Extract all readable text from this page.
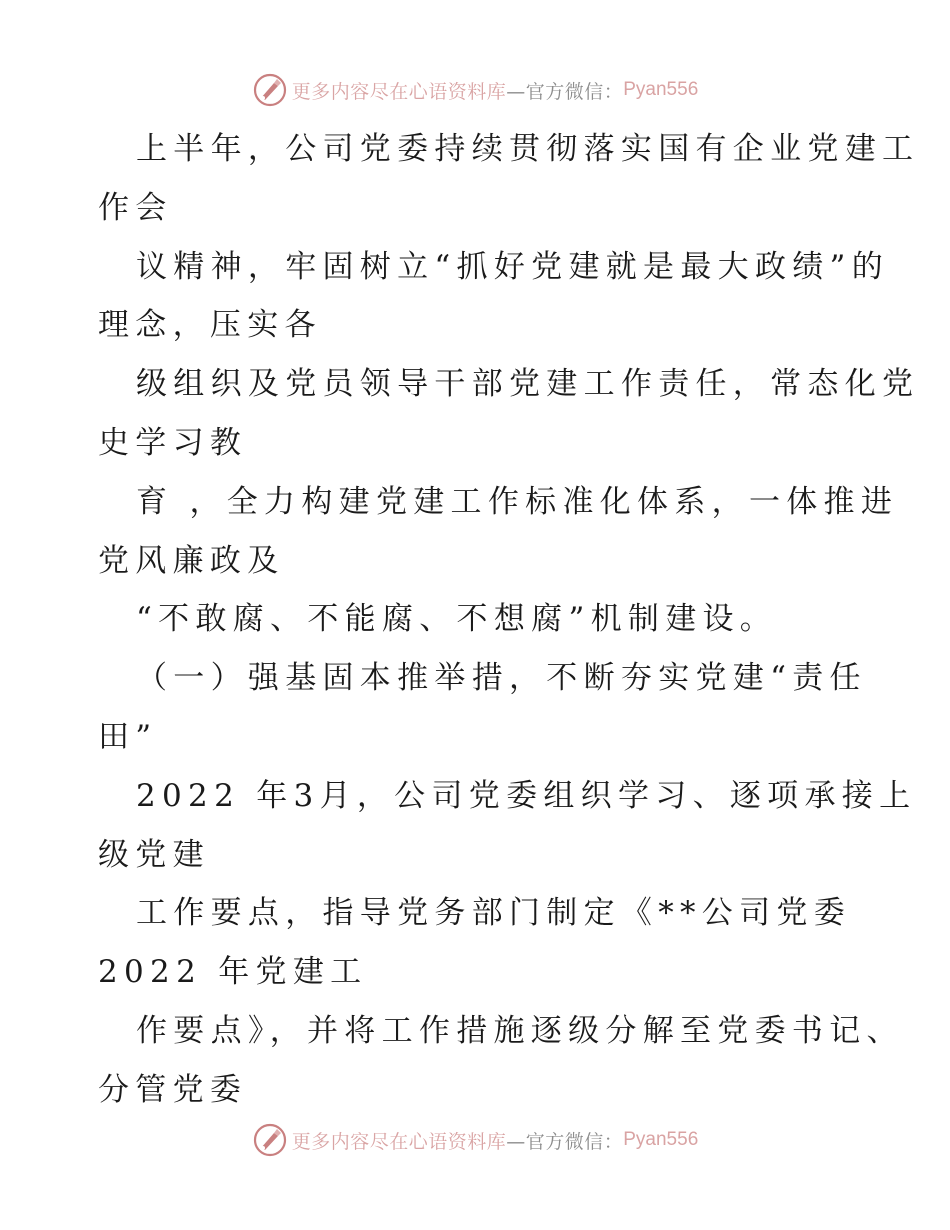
更多内容尽在心语资料库 —官方微信： Pyan556
上半年，公司党委持续贯彻落实国有企业党建工
作会
议精神，牢固树立“抓好党建就是最大政绩”的
理念，压实各
级组织及党员领导干部党建工作责任，常态化党
史学习教
育 ，全力构建党建工作标准化体系，一体推进
党风廉政及
“不敢腐、不能腐、不想腐”机制建设。
（一）强基固本推举措，不断夯实党建“责任
田”
2022 年3月，公司党委组织学习、逐项承接上
级党建
工作要点，指导党务部门制定《**公司党委
2022 年党建工
作要点》，并将工作措施逐级分解至党委书记、
分管党委
更多内容尽在心语资料库 —官方微信： Pyan556
